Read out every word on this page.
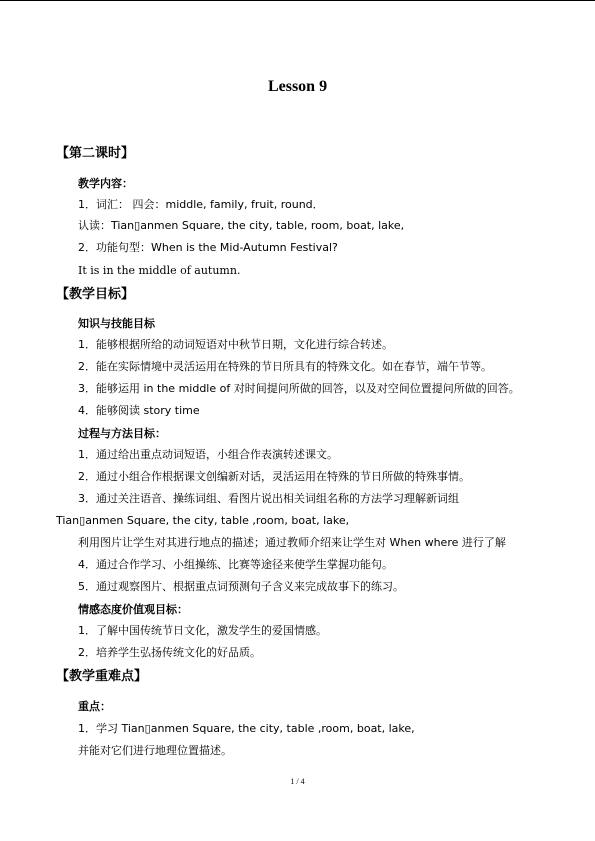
Lesson 9
【第二课时】
教学内容：
1．词汇： 四会：middle, family, fruit, round．
认读：Tian▯anmen Square, the city, table, room, boat, lake,
2．功能句型：When is the Mid-Autumn Festival?
It is in the middle of autumn.
【教学目标】
知识与技能目标
1．能够根据所给的动词短语对中秋节日期，文化进行综合转述。
2．能在实际情境中灵活运用在特殊的节日所具有的特殊文化。如在春节，端午节等。
3．能够运用 in the middle of 对时间提问所做的回答，以及对空间位置提问所做的回答。
4．能够阅读 story time
过程与方法目标：
1．通过给出重点动词短语，小组合作表演转述课文。
2．通过小组合作根据课文创编新对话，灵活运用在特殊的节日所做的特殊事情。
3．通过关注语音、操练词组、看图片说出相关词组名称的方法学习理解新词组
Tian▯anmen Square, the city, table ,room, boat, lake,
利用图片让学生对其进行地点的描述；通过教师介绍来让学生对 When where 进行了解
4．通过合作学习、小组操练、比赛等途径来使学生掌握功能句。
5．通过观察图片、根据重点词预测句子含义来完成故事下的练习。
情感态度价值观目标：
1．了解中国传统节日文化，激发学生的爱国情感。
2．培养学生弘扬传统文化的好品质。
【教学重难点】
重点：
1．学习 Tian▯anmen Square, the city, table ,room, boat, lake,
并能对它们进行地理位置描述。
1 / 4
